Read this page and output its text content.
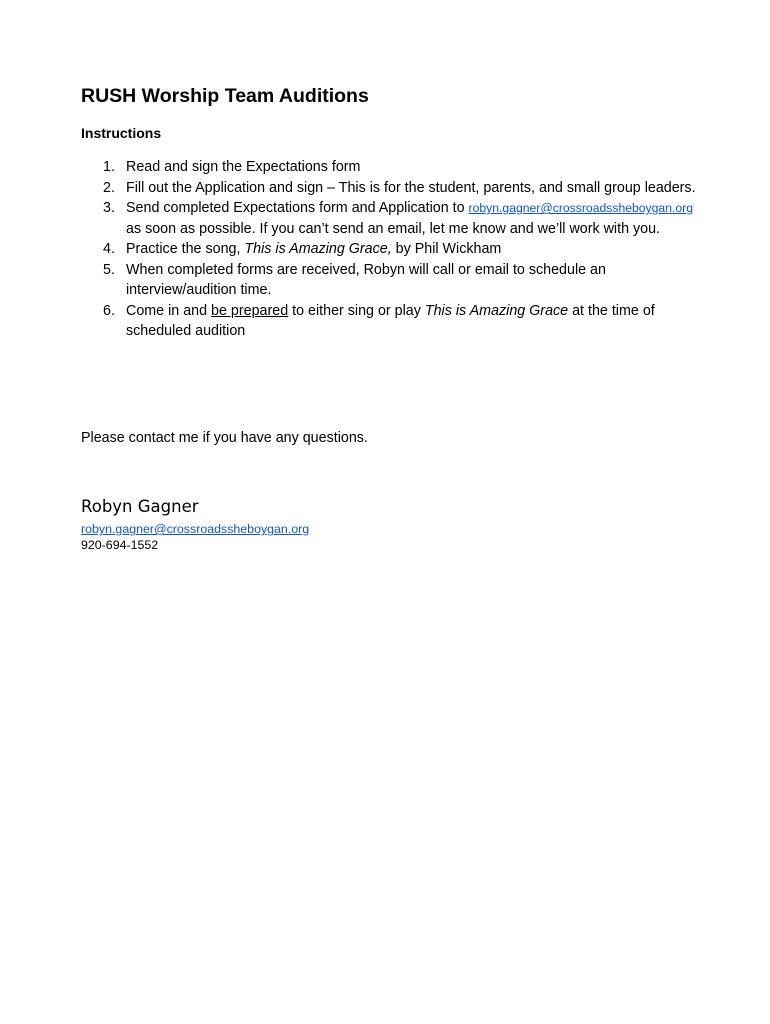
RUSH Worship Team Auditions
Instructions
1. Read and sign the Expectations form
2. Fill out the Application and sign – This is for the student, parents, and small group leaders.
3. Send completed Expectations form and Application to robyn.gagner@crossroadssheboygan.org as soon as possible. If you can’t send an email, let me know and we’ll work with you.
4. Practice the song, This is Amazing Grace, by Phil Wickham
5. When completed forms are received, Robyn will call or email to schedule an interview/audition time.
6. Come in and be prepared to either sing or play This is Amazing Grace at the time of scheduled audition

Please contact me if you have any questions.

Robyn Gagner

robyn.gagner@crossroadssheboygan.org

920-694-1552
